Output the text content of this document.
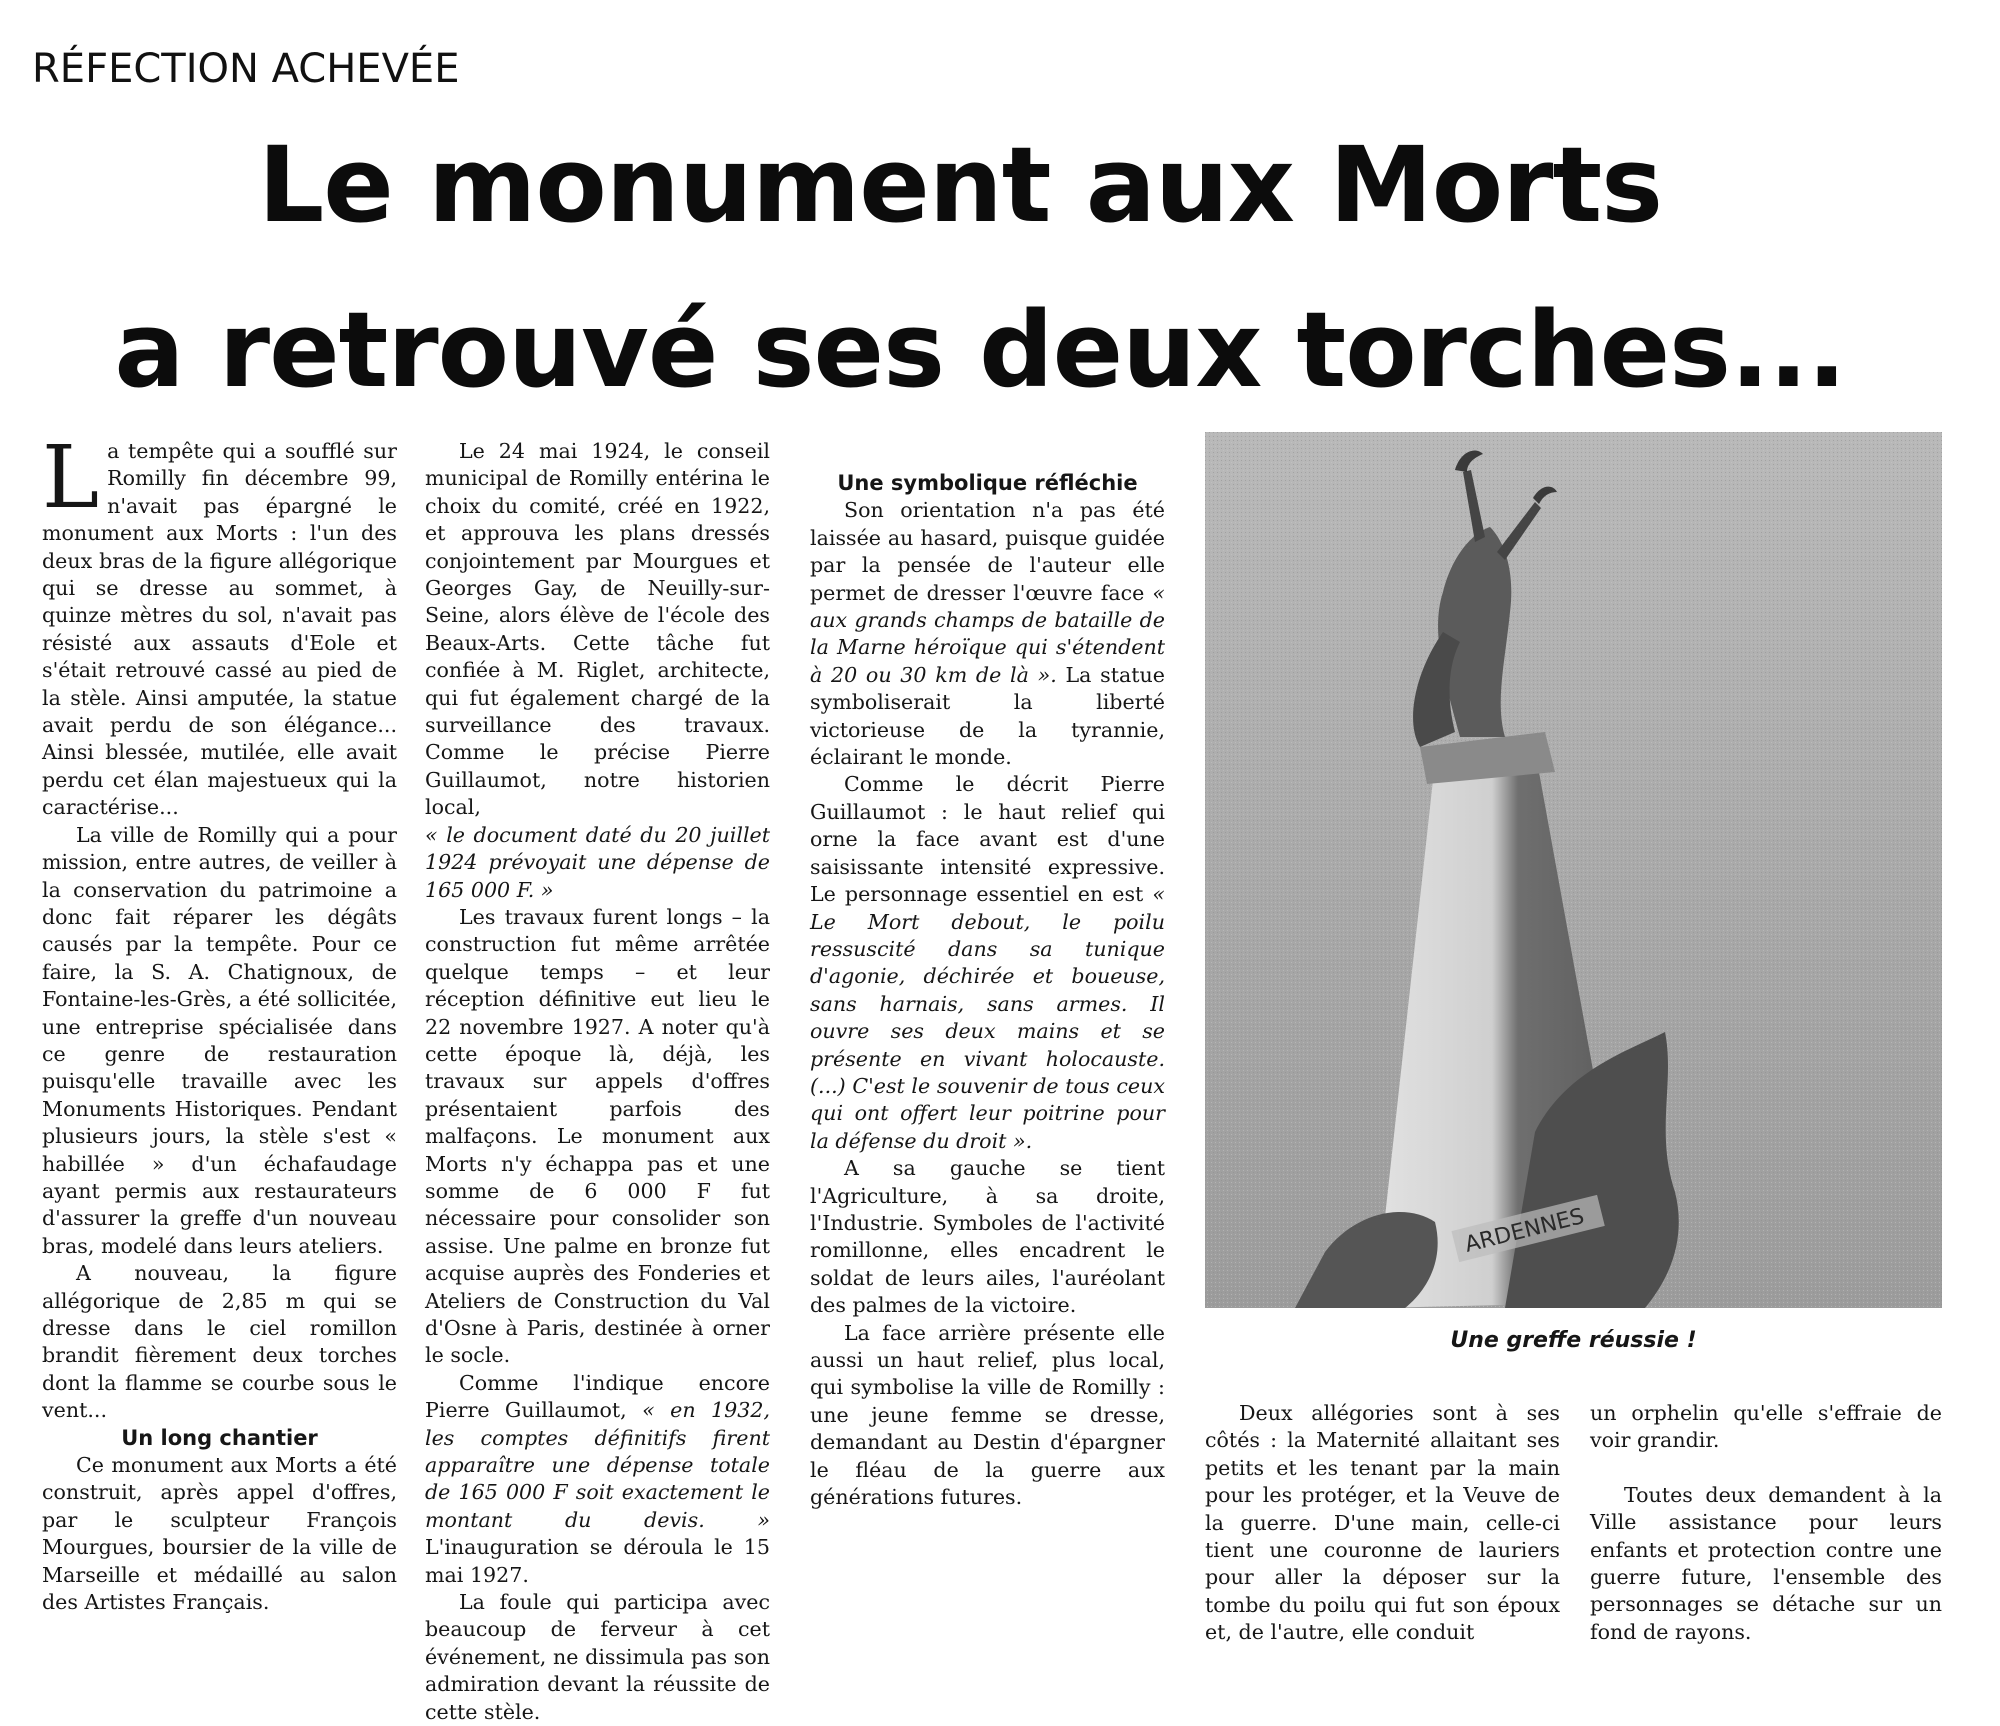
RÉFECTION ACHEVÉE
Le monument aux Morts
a retrouvé ses deux torches...

La tempête qui a soufflé sur Romilly fin décembre 99, n'avait pas épargné le monument aux Morts : l'un des deux bras de la figure allégorique qui se dresse au sommet, à quinze mètres du sol, n'avait pas résisté aux assauts d'Eole et s'était retrouvé cassé au pied de la stèle. Ainsi amputée, la statue avait perdu de son élégance... Ainsi blessée, mutilée, elle avait perdu cet élan majestueux qui la caractérise...

La ville de Romilly qui a pour mission, entre autres, de veiller à la conservation du patrimoine a donc fait réparer les dégâts causés par la tempête. Pour ce faire, la S. A. Chatignoux, de Fontaine-les-Grès, a été sollicitée, une entreprise spécialisée dans ce genre de restauration puisqu'elle travaille avec les Monuments Historiques. Pendant plusieurs jours, la stèle s'est « habillée » d'un échafaudage ayant permis aux restaurateurs d'assurer la greffe d'un nouveau bras, modelé dans leurs ateliers.

A nouveau, la figure allégorique de 2,85 m qui se dresse dans le ciel romillon brandit fièrement deux torches dont la flamme se courbe sous le vent...

Un long chantier

Ce monument aux Morts a été construit, après appel d'offres, par le sculpteur François Mourgues, boursier de la ville de Marseille et médaillé au salon des Artistes Français.

Le 24 mai 1924, le conseil municipal de Romilly entérina le choix du comité, créé en 1922, et approuva les plans dressés conjointement par Mourgues et Georges Gay, de Neuilly-sur-Seine, alors élève de l'école des Beaux-Arts. Cette tâche fut confiée à M. Riglet, architecte, qui fut également chargé de la surveillance des travaux. Comme le précise Pierre Guillaumot, notre historien local,

« le document daté du 20 juillet 1924 prévoyait une dépense de 165 000 F. »

Les travaux furent longs – la construction fut même arrêtée quelque temps – et leur réception définitive eut lieu le 22 novembre 1927. A noter qu'à cette époque là, déjà, les travaux sur appels d'offres présentaient parfois des malfaçons. Le monument aux Morts n'y échappa pas et une somme de 6 000 F fut nécessaire pour consolider son assise. Une palme en bronze fut acquise auprès des Fonderies et Ateliers de Construction du Val d'Osne à Paris, destinée à orner le socle.

Comme l'indique encore Pierre Guillaumot, « en 1932, les comptes définitifs firent apparaître une dépense totale de 165 000 F soit exactement le montant du devis. » L'inauguration se déroula le 15 mai 1927.

La foule qui participa avec beaucoup de ferveur à cet événement, ne dissimula pas son admiration devant la réussite de cette stèle.

Une symbolique réfléchie

Son orientation n'a pas été laissée au hasard, puisque guidée par la pensée de l'auteur elle permet de dresser l'œuvre face « aux grands champs de bataille de la Marne héroïque qui s'étendent à 20 ou 30 km de là ». La statue symboliserait la liberté victorieuse de la tyrannie, éclairant le monde.

Comme le décrit Pierre Guillaumot : le haut relief qui orne la face avant est d'une saisissante intensité expressive. Le personnage essentiel en est « Le Mort debout, le poilu ressuscité dans sa tunique d'agonie, déchirée et boueuse, sans harnais, sans armes. Il ouvre ses deux mains et se présente en vivant holocauste. (...) C'est le souvenir de tous ceux qui ont offert leur poitrine pour la défense du droit ».

A sa gauche se tient l'Agriculture, à sa droite, l'Industrie. Symboles de l'activité romillonne, elles encadrent le soldat de leurs ailes, l'auréolant des palmes de la victoire.

La face arrière présente elle aussi un haut relief, plus local, qui symbolise la ville de Romilly : une jeune femme se dresse, demandant au Destin d'épargner le fléau de la guerre aux générations futures.

ARDENNES
Une greffe réussie !

Deux allégories sont à ses côtés : la Maternité allaitant ses petits et les tenant par la main pour les protéger, et la Veuve de la guerre. D'une main, celle-ci tient une couronne de lauriers pour aller la déposer sur la tombe du poilu qui fut son époux et, de l'autre, elle conduit

un orphelin qu'elle s'effraie de voir grandir.

Toutes deux demandent à la Ville assistance pour leurs enfants et protection contre une guerre future, l'ensemble des personnages se détache sur un fond de rayons.
